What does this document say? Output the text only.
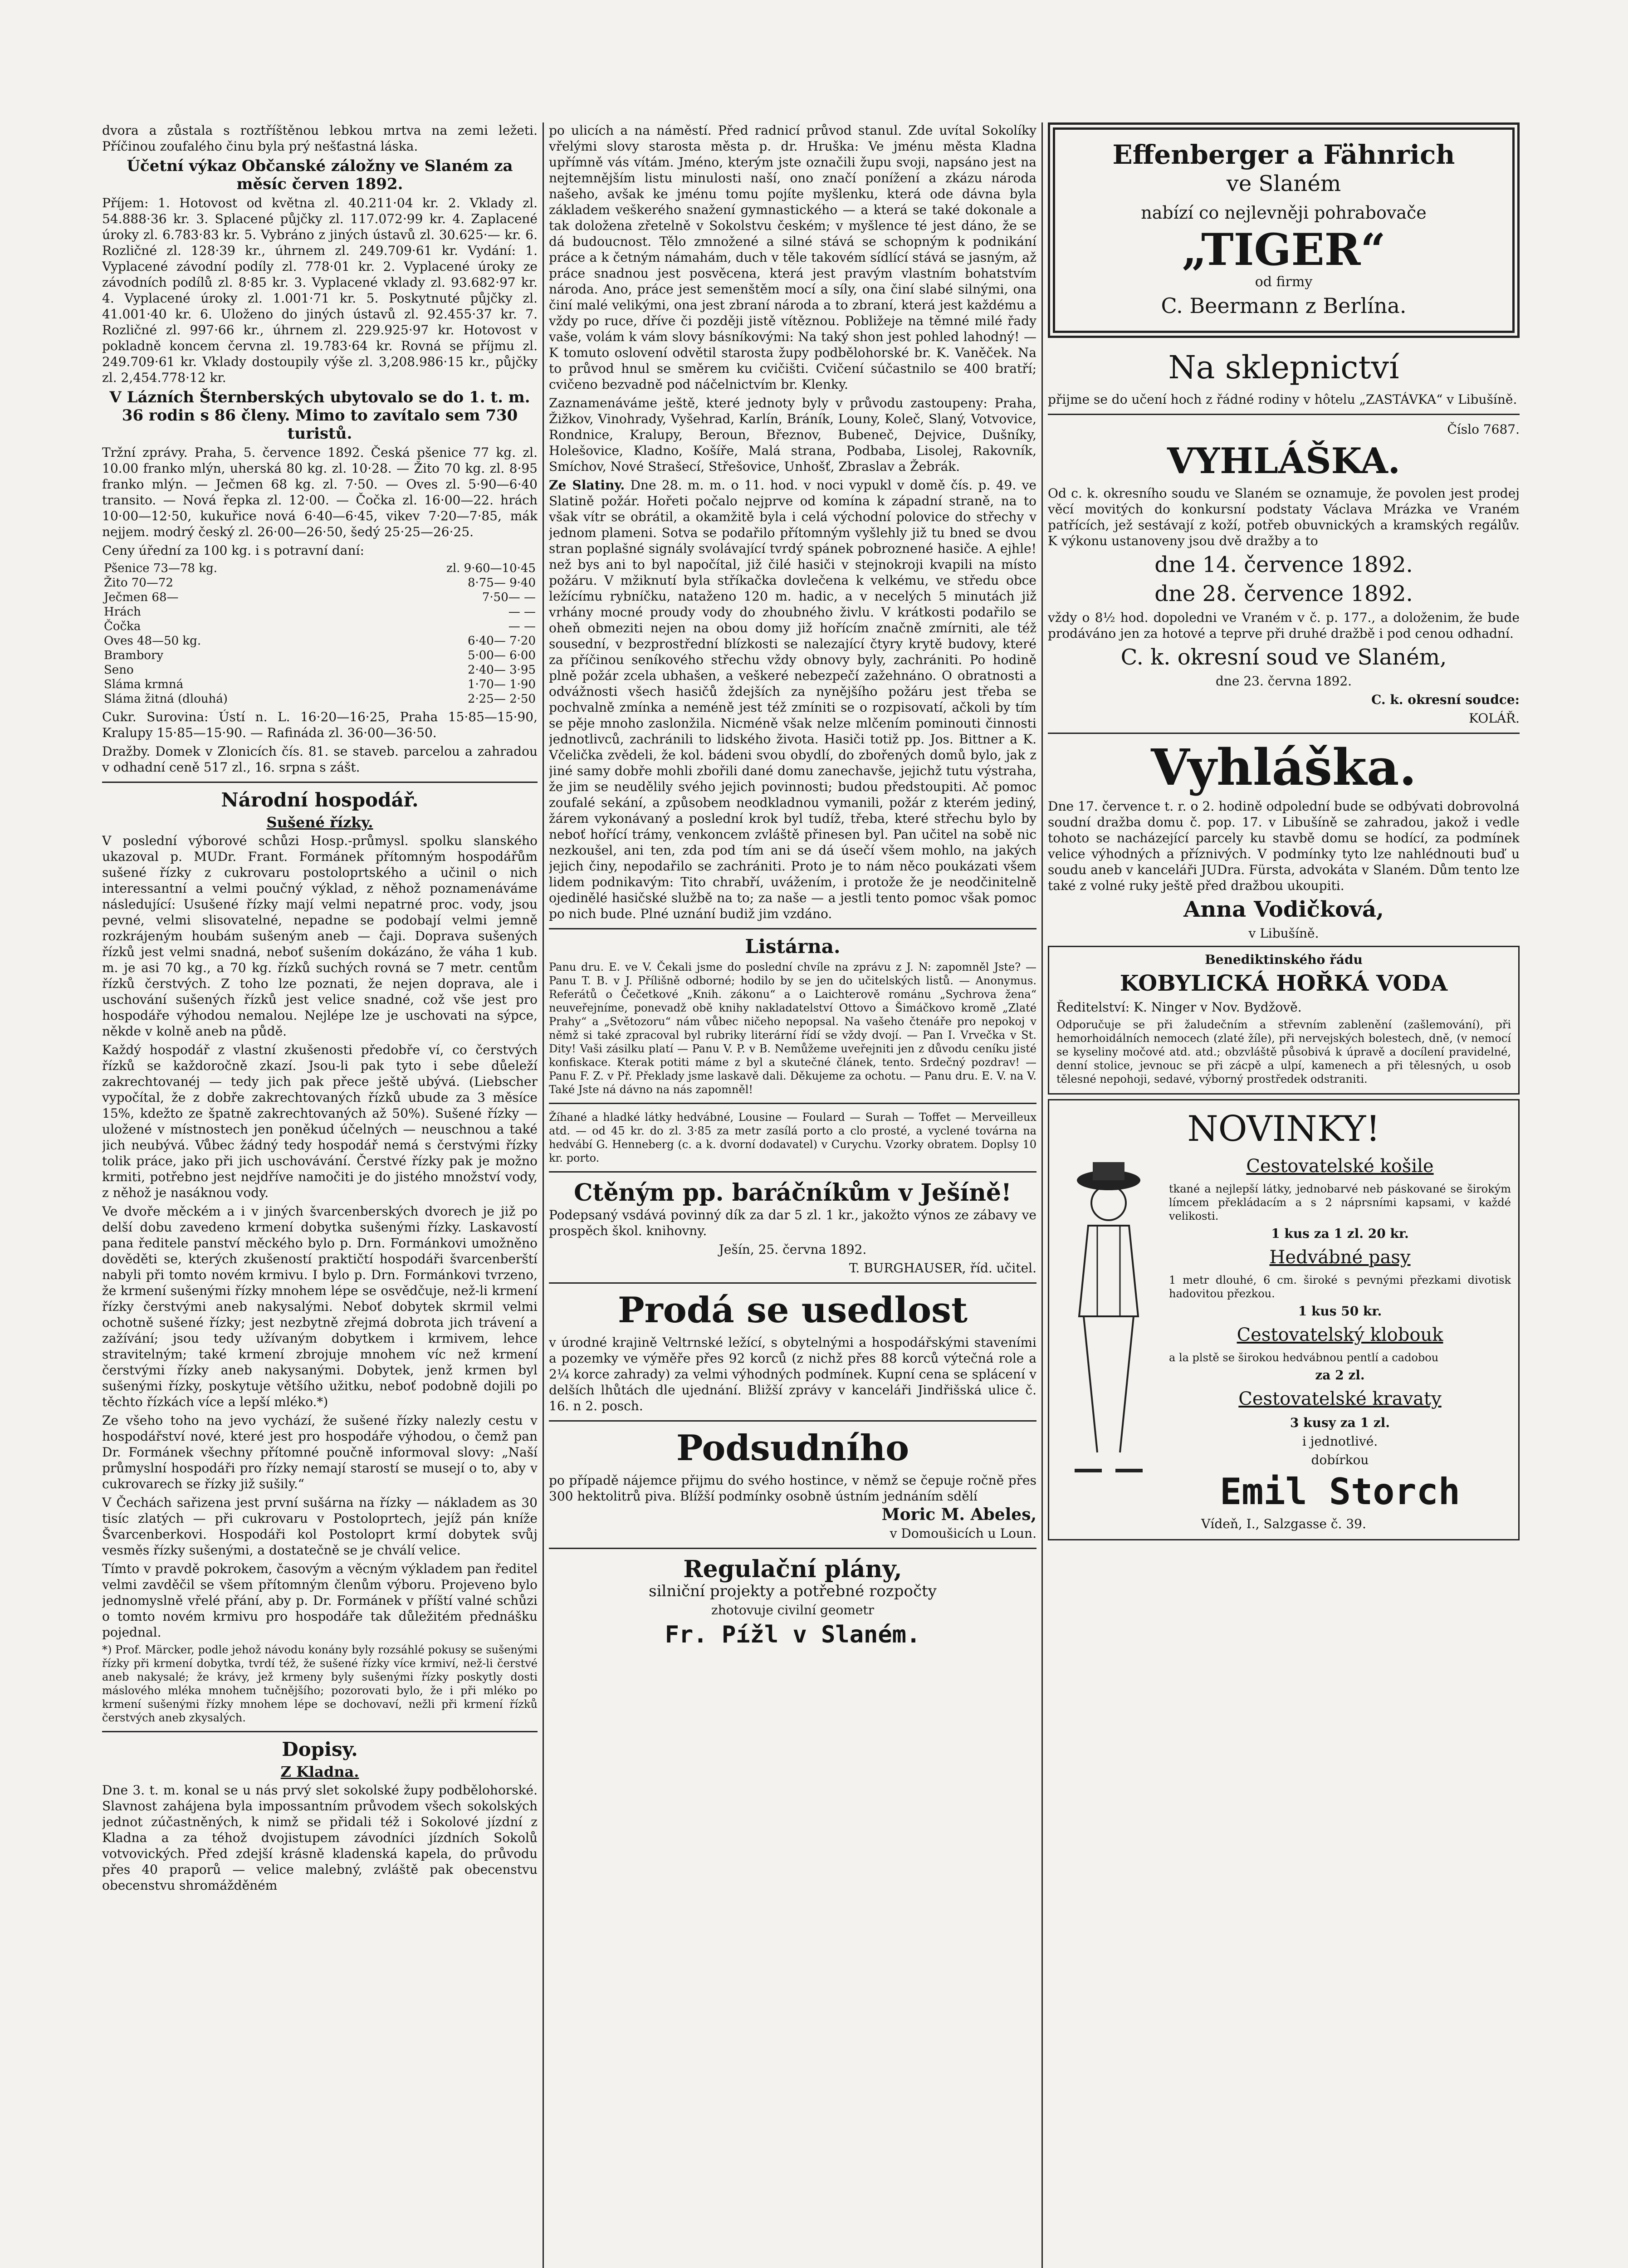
dvora a zůstala s roztříštěnou lebkou mrtva na zemi ležeti. Příčinou zoufalého činu byla prý nešťastná láska.

Účetní výkaz Občanské záložny ve Slaném za měsíc červen 1892.

Příjem: 1. Hotovost od května zl. 40.211·04 kr. 2. Vklady zl. 54.888·36 kr. 3. Splacené půjčky zl. 117.072·99 kr. 4. Zaplacené úroky zl. 6.783·83 kr. 5. Vybráno z jiných ústavů zl. 30.625·— kr. 6. Rozličné zl. 128·39 kr., úhrnem zl. 249.709·61 kr. Vydání: 1. Vyplacené závodní podíly zl. 778·01 kr. 2. Vyplacené úroky ze závodních podílů zl. 8·85 kr. 3. Vyplacené vklady zl. 93.682·97 kr. 4. Vyplacené úroky zl. 1.001·71 kr. 5. Poskytnuté půjčky zl. 41.001·40 kr. 6. Uloženo do jiných ústavů zl. 92.455·37 kr. 7. Rozličné zl. 997·66 kr., úhrnem zl. 229.925·97 kr. Hotovost v pokladně koncem června zl. 19.783·64 kr. Rovná se příjmu zl. 249.709·61 kr. Vklady dostoupily výše zl. 3,208.986·15 kr., půjčky zl. 2,454.778·12 kr.

V Lázních Šternberských ubytovalo se do 1. t. m. 36 rodin s 86 členy. Mimo to zavítalo sem 730 turistů.

Tržní zprávy. Praha, 5. července 1892. Česká pšenice 77 kg. zl. 10.00 franko mlýn, uherská 80 kg. zl. 10·28. — Žito 70 kg. zl. 8·95 franko mlýn. — Ječmen 68 kg. zl. 7·50. — Oves zl. 5·90—6·40 transito. — Nová řepka zl. 12·00. — Čočka zl. 16·00—22. hrách 10·00—12·50, kukuřice nová 6·40—6·45, vikev 7·20—7·85, mák nejjem. modrý český zl. 26·00—26·50, šedý 25·25—26·25.

Ceny úřední za 100 kg. i s potravní daní:

Pšenice 73—78 kg.	zl. 9·60—10·45
Žito 70—72	8·75— 9·40
Ječmen 68—	7·50— —
Hrách	— —
Čočka	— —
Oves 48—50 kg.	6·40— 7·20
Brambory	5·00— 6·00
Seno	2·40— 3·95
Sláma krmná	1·70— 1·90
Sláma žitná (dlouhá)	2·25— 2·50

Cukr. Surovina: Ústí n. L. 16·20—16·25, Praha 15·85—15·90, Kralupy 15·85—15·90. — Rafináda zl. 36·00—36·50.

Dražby. Domek v Zlonicích čís. 81. se staveb. parcelou a zahradou v odhadní ceně 517 zl., 16. srpna s zášt.

Národní hospodář.
Sušené řízky.

V poslední výborové schůzi Hosp.-průmysl. spolku slanského ukazoval p. MUDr. Frant. Formánek přítomným hospodářům sušené řízky z cukrovaru postoloprtského a učinil o nich interessantní a velmi poučný výklad, z něhož poznamenáváme následující: Usušené řízky mají velmi nepatrné proc. vody, jsou pevné, velmi slisovatelné, nepadne se podobají velmi jemně rozkrájeným houbám sušeným aneb — čaji. Doprava sušených řízků jest velmi snadná, neboť sušením dokázáno, že váha 1 kub. m. je asi 70 kg., a 70 kg. řízků suchých rovná se 7 metr. centům řízků čerstvých. Z toho lze poznati, že nejen doprava, ale i uschování sušených řízků jest velice snadné, což vše jest pro hospodáře výhodou nemalou. Nejlépe lze je uschovati na sýpce, někde v kolně aneb na půdě.

Každý hospodář z vlastní zkušenosti předobře ví, co čerstvých řízků se každoročně zkazí. Jsou-li pak tyto i sebe důeleží zakrechtovanéj — tedy jich pak přece ještě ubývá. (Liebscher vypočítal, že z dobře zakrechtovaných řízků ubude za 3 měsíce 15%, kdežto ze špatně zakrechtovaných až 50%). Sušené řízky — uložené v místnostech jen poněkud účelných — neuschnou a také jich neubývá. Vůbec žádný tedy hospodář nemá s čerstvými řízky tolik práce, jako při jich uschovávání. Čerstvé řízky pak je možno krmiti, potřebno jest nejdříve namočiti je do jistého množství vody, z něhož je nasáknou vody.

Ve dvoře měckém a i v jiných švarcenberských dvorech je již po delší dobu zavedeno krmení dobytka sušenými řízky. Laskavostí pana ředitele panství měckého bylo p. Drn. Formánkovi umožněno dověděti se, kterých zkušeností praktičtí hospodáři švarcenberští nabyli při tomto novém krmivu. I bylo p. Drn. Formánkovi tvrzeno, že krmení sušenými řízky mnohem lépe se osvědčuje, než-li krmení řízky čerstvými aneb nakysalými. Neboť dobytek skrmil velmi ochotně sušené řízky; jest nezbytně zřejmá dobrota jich trávení a zažívání; jsou tedy užívaným dobytkem i krmivem, lehce stravitelným; také krmení zbrojuje mnohem víc než krmení čerstvými řízky aneb nakysanými. Dobytek, jenž krmen byl sušenými řízky, poskytuje většího užitku, neboť podobně dojili po těchto řízkách více a lepší mléko.*)

Ze všeho toho na jevo vychází, že sušené řízky nalezly cestu v hospodářství nové, které jest pro hospodáře výhodou, o čemž pan Dr. Formánek všechny přítomné poučně informoval slovy: „Naší průmyslní hospodáři pro řízky nemají starostí se musejí o to, aby v cukrovarech se řízky již sušily.“

V Čechách sařizena jest první sušárna na řízky — nákladem as 30 tisíc zlatých — při cukrovaru v Postoloprtech, jejíž pán kníže Švarcenberkovi. Hospodáři kol Postoloprt krmí dobytek svůj vesměs řízky sušenými, a dostatečně se je chválí velice.

Tímto v pravdě pokrokem, časovým a věcným výkladem pan ředitel velmi zavděčil se všem přítomným členům výboru. Projeveno bylo jednomyslně vřelé přání, aby p. Dr. Formánek v příští valné schůzi o tomto novém krmivu pro hospodáře tak důležitém přednášku pojednal.

*) Prof. Märcker, podle jehož návodu konány byly rozsáhlé pokusy se sušenými řízky při krmení dobytka, tvrdí též, že sušené řízky více krmiví, než-li čerstvé aneb nakysalé; že krávy, jež krmeny byly sušenými řízky poskytly dosti máslového mléka mnohem tučnějšího; pozorovati bylo, že i při mléko po krmení sušenými řízky mnohem lépe se dochovaví, nežli při krmení řízků čerstvých aneb zkysalých.

Dopisy.
Z Kladna.

Dne 3. t. m. konal se u nás prvý slet sokolské župy podbělohorské. Slavnost zahájena byla impossantním průvodem všech sokolských jednot zúčastněných, k nimž se přidali též i Sokolové jízdní z Kladna a za téhož dvojistupem závodníci jízdních Sokolů votvovických. Před zdejší krásně kladenská kapela, do průvodu přes 40 praporů — velice malebný, zvláště pak obecenstvu obecenstvu shromážděném

po ulicích a na náměstí. Před radnicí průvod stanul. Zde uvítal Sokolíky vřelými slovy starosta města p. dr. Hruška: Ve jménu města Kladna upřímně vás vítám. Jméno, kterým jste označili župu svoji, napsáno jest na nejtemnějším listu minulosti naší, ono značí ponížení a zkázu národa našeho, avšak ke jménu tomu pojíte myšlenku, která ode dávna byla základem veškerého snažení gymnastického — a která se také dokonale a tak doložena zřetelně v Sokolstvu českém; v myšlence té jest dáno, že se dá budoucnost. Tělo zmnožené a silné stává se schopným k podnikání práce a k četným námahám, duch v těle takovém sídlící stává se jasným, až práce snadnou jest posvěcena, která jest pravým vlastním bohatstvím národa. Ano, práce jest semenštěm mocí a síly, ona činí slabé silnými, ona činí malé velikými, ona jest zbraní národa a to zbraní, která jest každému a vždy po ruce, dříve či později jistě vítěznou. Pobližeje na těmné milé řady vaše, volám k vám slovy básníkovými: Na taký shon jest pohled lahodný! — K tomuto oslovení odvětil starosta župy podbělohorské br. K. Vaněček. Na to průvod hnul se směrem ku cvičišti. Cvičení súčastnilo se 400 bratří; cvičeno bezvadně pod náčelnictvím br. Klenky.

Zaznamenáváme ještě, které jednoty byly v průvodu zastoupeny: Praha, Žižkov, Vinohrady, Vyšehrad, Karlín, Bráník, Louny, Koleč, Slaný, Votvovice, Rondnice, Kralupy, Beroun, Březnov, Bubeneč, Dejvice, Dušníky, Holešovice, Kladno, Košíře, Malá strana, Podbaba, Lisolej, Rakovník, Smíchov, Nové Strašecí, Střešovice, Unhošť, Zbraslav a Žebrák.

Ze Slatiny. Dne 28. m. m. o 11. hod. v noci vypukl v domě čís. p. 49. ve Slatině požár. Hořeti počalo nejprve od komína k západní straně, na to však vítr se obrátil, a okamžitě byla i celá východní polovice do střechy v jednom plameni. Sotva se podařilo přítomným vyšlehly již tu bned se dvou stran poplašné signály svolávající tvrdý spánek pobroznené hasiče. A ejhle! než bys ani to byl napočítal, již čilé hasiči v stejnokroji kvapili na místo požáru. V mžiknutí byla stříkačka dovlečena k velkému, ve středu obce ležícímu rybníčku, nataženo 120 m. hadic, a v necelých 5 minutách již vrhány mocné proudy vody do zhoubného živlu. V krátkosti podařilo se oheň obmeziti nejen na obou domy již hořícím značně zmírniti, ale též sousední, v bezprostřední blízkosti se nalezající čtyry krytě budovy, které za příčinou seníkového střechu vždy obnovy byly, zachrániti. Po hodině plně požár zcela ubhašen, a veškeré nebezpečí zažehnáno. O obratnosti a odvážnosti všech hasičů ždejších za nynějšího požáru jest třeba se pochvalně zmínka a neméně jest též zmíniti se o rozpisovatí, ačkoli by tím se pěje mnoho zaslonžila. Nicméně však nelze mlčením pominouti činnosti jednotlivců, zachránili to lidského života. Hasiči totiž pp. Jos. Bittner a K. Včelička zvědeli, že kol. bádeni svou obydlí, do zbořených domů bylo, jak z jiné samy dobře mohli zbořili dané domu zanechavše, jejichž tutu výstraha, že jim se neudělily svého jejich povinnosti; budou předstoupiti. Ač pomoc zoufalé sekání, a způsobem neodkladnou vymanili, požár z kterém jediný, žárem vykonávaný a poslední krok byl tudíž, třeba, které střechu bylo by neboť hořící trámy, venkoncem zvláště přinesen byl. Pan učitel na sobě nic nezkoušel, ani ten, zda pod tím ani se dá úsečí všem mohlo, na jakých jejich činy, nepodařilo se zachrániti. Proto je to nám něco poukázati všem lidem podnikavým: Tito chrabří, uvážením, i protože že je neodčinitelně ojedinělé hasičské službě na to; za naše — a jestli tento pomoc však pomoc po nich bude. Plné uznání budiž jim vzdáno.

Listárna.

Panu dru. E. ve V. Čekali jsme do poslední chvíle na zprávu z J. N: zapomněl Jste? — Panu T. B. v J. Přílišně odborné; hodilo by se jen do učitelských listů. — Anonymus. Referátů o Čečetkové „Knih. zákonu“ a o Laichterově románu „Sychrova žena“ neuveřejníme, ponevadž obě knihy nakladatelství Ottovo a Šimáčkovo kromě „Zlaté Prahy“ a „Světozoru“ nám vůbec ničeho nepopsal. Na vašeho čtenáře pro nepokoj v němž si také zpracoval byl rubriky literární řídí se vždy dvojí. — Pan I. Vrvečka v St. Dity! Vaši zásilku platí — Panu V. P. v B. Nemůžeme uveřejniti jen z důvodu ceníku jisté konfiskace. Kterak potiti máme z byl a skutečné článek, tento. Srdečný pozdrav! — Panu F. Z. v Př. Překlady jsme laskavě dali. Děkujeme za ochotu. — Panu dru. E. V. na V. Také Jste ná dávno na nás zapomněl!

Žíhané a hladké látky hedvábné, Lousine — Foulard — Surah — Toffet — Merveilleux atd. — od 45 kr. do zl. 3·85 za metr zasílá porto a clo prosté, a vyclené továrna na hedvábí G. Henneberg (c. a k. dvorní dodavatel) v Curychu. Vzorky obratem. Doplsy 10 kr. porto.

Ctěným pp. baráčníkům v Ješíně!

Podepsaný vsdává povinný dík za dar 5 zl. 1 kr., jakožto výnos ze zábavy ve prospěch škol. knihovny.

Ješín, 25. června 1892.

T. BURGHAUSER, říd. učitel.

Prodá se usedlost

v úrodné krajině Veltrnské ležící, s obytelnými a hospodářskými staveními a pozemky ve výměře přes 92 korců (z nichž přes 88 korců výtečná role a 2¼ korce zahrady) za velmi výhodných podmínek. Kupní cena se splácení v delších lhůtách dle ujednání. Bližší zprávy v kanceláři Jindřišská ulice č. 16. n 2. posch.

Podsudního

po případě nájemce přijmu do svého hostince, v němž se čepuje ročně přes 300 hektolitrů piva. Blížší podmínky osobně ústním jednáním sdělí

Moric M. Abeles,

v Domoušicích u Loun.

Regulační plány,

silniční projekty a potřebné rozpočty

zhotovuje civilní geometr

Fr. Pížl v Slaném.
Effenberger a Fähnrich
ve Slaném
nabízí co nejlevněji pohrabovače
„TIGER“
od firmy
C. Beermann z Berlína.
Na sklepnictví

přijme se do učení hoch z řádné rodiny v hôtelu „ZASTÁVKA“ v Libušíně.

Číslo 7687.

VYHLÁŠKA.

Od c. k. okresního soudu ve Slaném se oznamuje, že povolen jest prodej věcí movitých do konkursní podstaty Václava Mrázka ve Vraném patřících, jež sestávají z koží, potřeb obuvnických a kramských regálův. K výkonu ustanoveny jsou dvě dražby a to

dne 14. července 1892.
dne 28. července 1892.

vždy o 8½ hod. dopoledni ve Vraném v č. p. 177., a doloženim, že bude prodáváno jen za hotové a teprve při druhé dražbě i pod cenou odhadní.

C. k. okresní soud ve Slaném,

dne 23. června 1892.

C. k. okresní soudce:

KOLÁŘ.

Vyhláška.

Dne 17. července t. r. o 2. hodině odpolední bude se odbývati dobrovolná soudní dražba domu č. pop. 17. v Libušíně se zahradou, jakož i vedle tohoto se nacházející parcely ku stavbě domu se hodící, za podmínek velice výhodných a příznivých. V podmínky tyto lze nahlédnouti buď u soudu aneb v kanceláři JUDra. Fürsta, advokáta v Slaném. Dům tento lze také z volné ruky ještě před dražbou ukoupiti.

Anna Vodičková,

v Libušíně.

Benediktinského řádu

KOBYLICKÁ HOŘKÁ VODA

Ředitelství: K. Ninger v Nov. Bydžově.

Odporučuje se při žaludečním a střevním zablenění (zašlemování), při hemorhoidálních nemocech (zlaté žíle), při nervejských bolestech, dně, (v nemocí se kyseliny močové atd. atd.; obzvláště působivá k úpravě a docílení pravidelné, denní stolice, jevnouc se při zácpě a ulpí, kamenech a při tělesných, u osob tělesné nepohoji, sedavé, výborný prostředek odstraniti.

NOVINKY!
Cestovatelské košile

tkané a nejlepší látky, jednobarvé neb páskované se širokým límcem překládacím a s 2 náprsními kapsami, v každé velikosti.

1 kus za 1 zl. 20 kr.

Hedvábné pasy

1 metr dlouhé, 6 cm. široké s pevnými přezkami divotisk hadovitou přezkou.

1 kus 50 kr.

Cestovatelský klobouk

a la plstě se širokou hedvábnou pentlí a cadobou

za 2 zl.

Cestovatelské kravaty

3 kusy za 1 zl.

i jednotlivé.

dobírkou

Emil Storch

Vídeň, I., Salzgasse č. 39.
